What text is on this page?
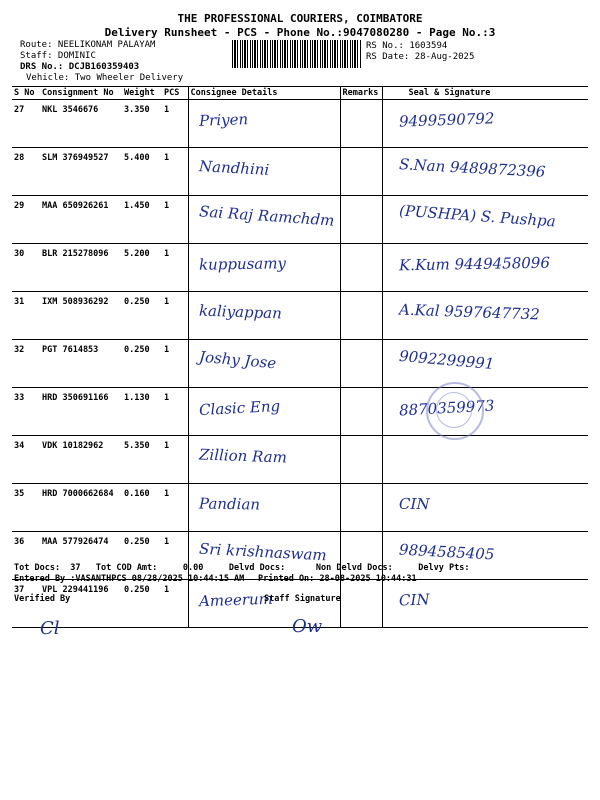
THE PROFESSIONAL COURIERS, COIMBATORE
Delivery Runsheet - PCS - Phone No.:9047080280 - Page No.:3
Route: NEELIKONAM PALAYAM
Staff: DOMINIC
DRS No.: DCJB160359403
Vehicle: Two Wheeler Delivery
RS No.: 1603594
RS Date: 28-Aug-2025
S No	Consignment No	Weight	PCS	Consignee Details	Remarks	Seal & Signature
27	NKL 3546676	3.350	1	Priyen		9499590792
28	SLM 376949527	5.400	1	Nandhini		S.Nan 9489872396
29	MAA 650926261	1.450	1	Sai Raj Ramchdm		(PUSHPA) S. Pushpa
30	BLR 215278096	5.200	1	kuppusamy		K.Kum 9449458096
31	IXM 508936292	0.250	1	kaliyappan		A.Kal 9597647732
32	PGT 7614853	0.250	1	Joshy Jose		9092299991
33	HRD 350691166	1.130	1	Clasic Eng		8870359973
34	VDK 10182962	5.350	1	Zillion Ram		
35	HRD 7000662684	0.160	1	Pandian		CIN
36	MAA 577926474	0.250	1	Sri krishnaswam		9894585405
37	VPL 229441196	0.250	1	Ameerum		CIN
Tot Docs:  37   Tot COD Amt:     0.00     Delvd Docs:      Non Delvd Docs:     Delvy Pts:
Entered By :VASANTHPCS 08/28/2025 10:44:15 AM Printed On: 28-08-2025 10:44:31
Verified By	Staff Signature
Cl	Ow
